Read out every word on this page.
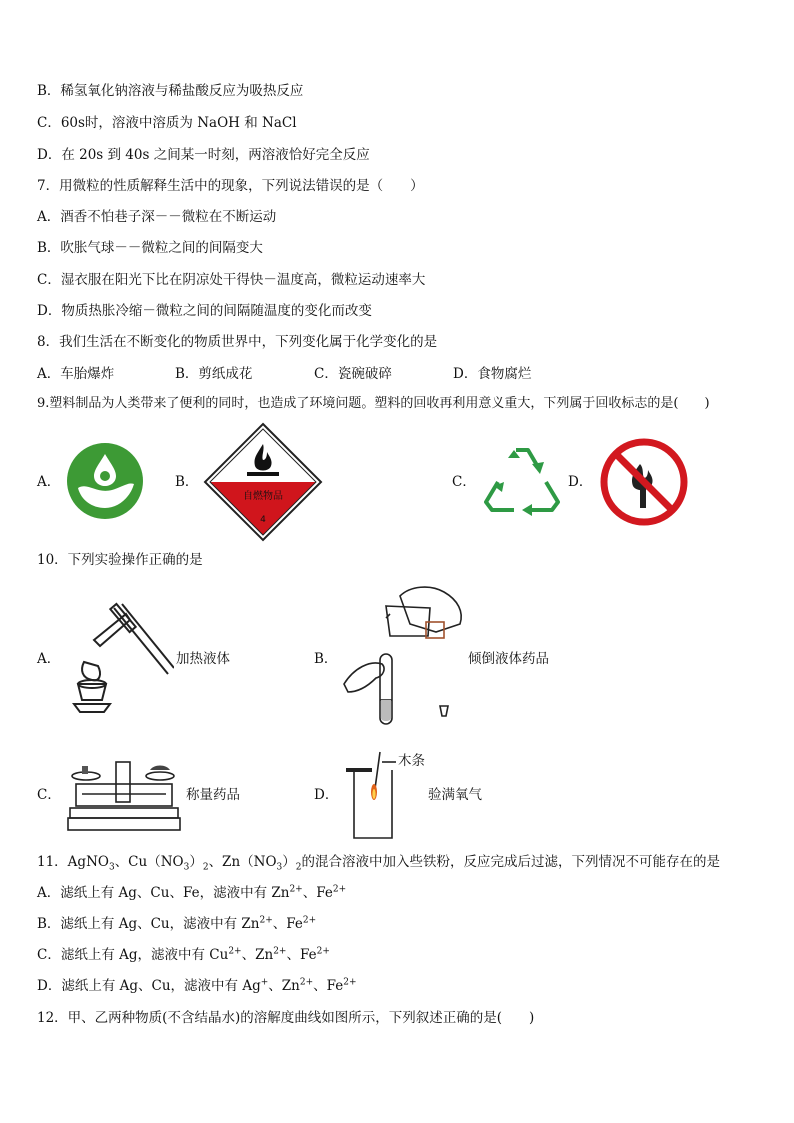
B．稀氢氧化钠溶液与稀盐酸反应为吸热反应
C．60s时，溶液中溶质为 NaOH 和 NaCl
D．在 20s 到 40s 之间某一时刻，两溶液恰好完全反应
7．用微粒的性质解释生活中的现象，下列说法错误的是（　　）
A．酒香不怕巷子深－－微粒在不断运动
B．吹胀气球－－微粒之间的间隔变大
C．湿衣服在阳光下比在阴凉处干得快－温度高，微粒运动速率大
D．物质热胀冷缩－微粒之间的间隔随温度的变化而改变
8．我们生活在不断变化的物质世界中，下列变化属于化学变化的是
A．车胎爆炸	B．剪纸成花	C．瓷碗破碎	D．食物腐烂
9.塑料制品为人类带来了便利的同时，也造成了环境问题。塑料的回收再利用意义重大，下列属于回收标志的是(　　)
A．	B．	C．	D．
自燃物品
4
10．下列实验操作正确的是
A．	加热液体	B．	倾倒液体药品
C．	称量药品	D．
木条
验满氧气
11．AgNO$_3$、$Cu(NO_3)_2$、$Zn(NO_3)_2$的混合溶液中加入些铁粉，反应完成后过滤，下列情况不可能存在的是
A．滤纸上有 Ag、Cu、Fe，滤液中有 $Zn^{2+}$、$Fe^{2+}$
B．滤纸上有 Ag、Cu，滤液中有 $Zn^{2+}$、$Fe^{2+}$
C．滤纸上有 Ag，滤液中有 $Cu^{2+}$、$Zn^{2+}$、$Fe^{2+}$
D．滤纸上有 Ag、Cu，滤液中有 Ag+、$Zn^{2+}$、$Fe^{2+}$
12．甲、乙两种物质(不含结晶水)的溶解度曲线如图所示，下列叙述正确的是(　　)
